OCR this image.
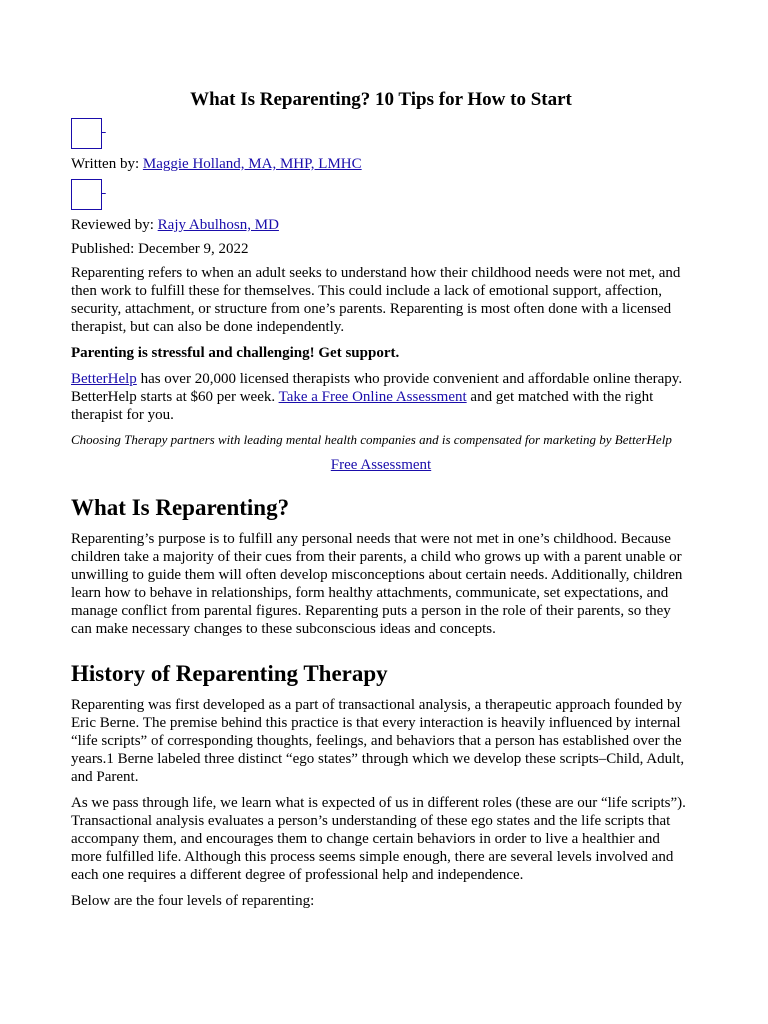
What Is Reparenting? 10 Tips for How to Start

Written by: Maggie Holland, MA, MHP, LMHC

Reviewed by: Rajy Abulhosn, MD

Published: December 9, 2022

Reparenting refers to when an adult seeks to understand how their childhood needs were not met, and then work to fulfill these for themselves. This could include a lack of emotional support, affection, security, attachment, or structure from one’s parents. Reparenting is most often done with a licensed therapist, but can also be done independently.

Parenting is stressful and challenging! Get support.

BetterHelp has over 20,000 licensed therapists who provide convenient and affordable online therapy. BetterHelp starts at $60 per week. Take a Free Online Assessment and get matched with the right therapist for you.

Choosing Therapy partners with leading mental health companies and is compensated for marketing by BetterHelp

Free Assessment

What Is Reparenting?

Reparenting’s purpose is to fulfill any personal needs that were not met in one’s childhood. Because children take a majority of their cues from their parents, a child who grows up with a parent unable or unwilling to guide them will often develop misconceptions about certain needs. Additionally, children learn how to behave in relationships, form healthy attachments, communicate, set expectations, and manage conflict from parental figures. Reparenting puts a person in the role of their parents, so they can make necessary changes to these subconscious ideas and concepts.

History of Reparenting Therapy

Reparenting was first developed as a part of transactional analysis, a therapeutic approach founded by Eric Berne. The premise behind this practice is that every interaction is heavily influenced by internal “life scripts” of corresponding thoughts, feelings, and behaviors that a person has established over the years.1 Berne labeled three distinct “ego states” through which we develop these scripts–Child, Adult, and Parent.

As we pass through life, we learn what is expected of us in different roles (these are our “life scripts”). Transactional analysis evaluates a person’s understanding of these ego states and the life scripts that accompany them, and encourages them to change certain behaviors in order to live a healthier and more fulfilled life. Although this process seems simple enough, there are several levels involved and each one requires a different degree of professional help and independence.

Below are the four levels of reparenting:
